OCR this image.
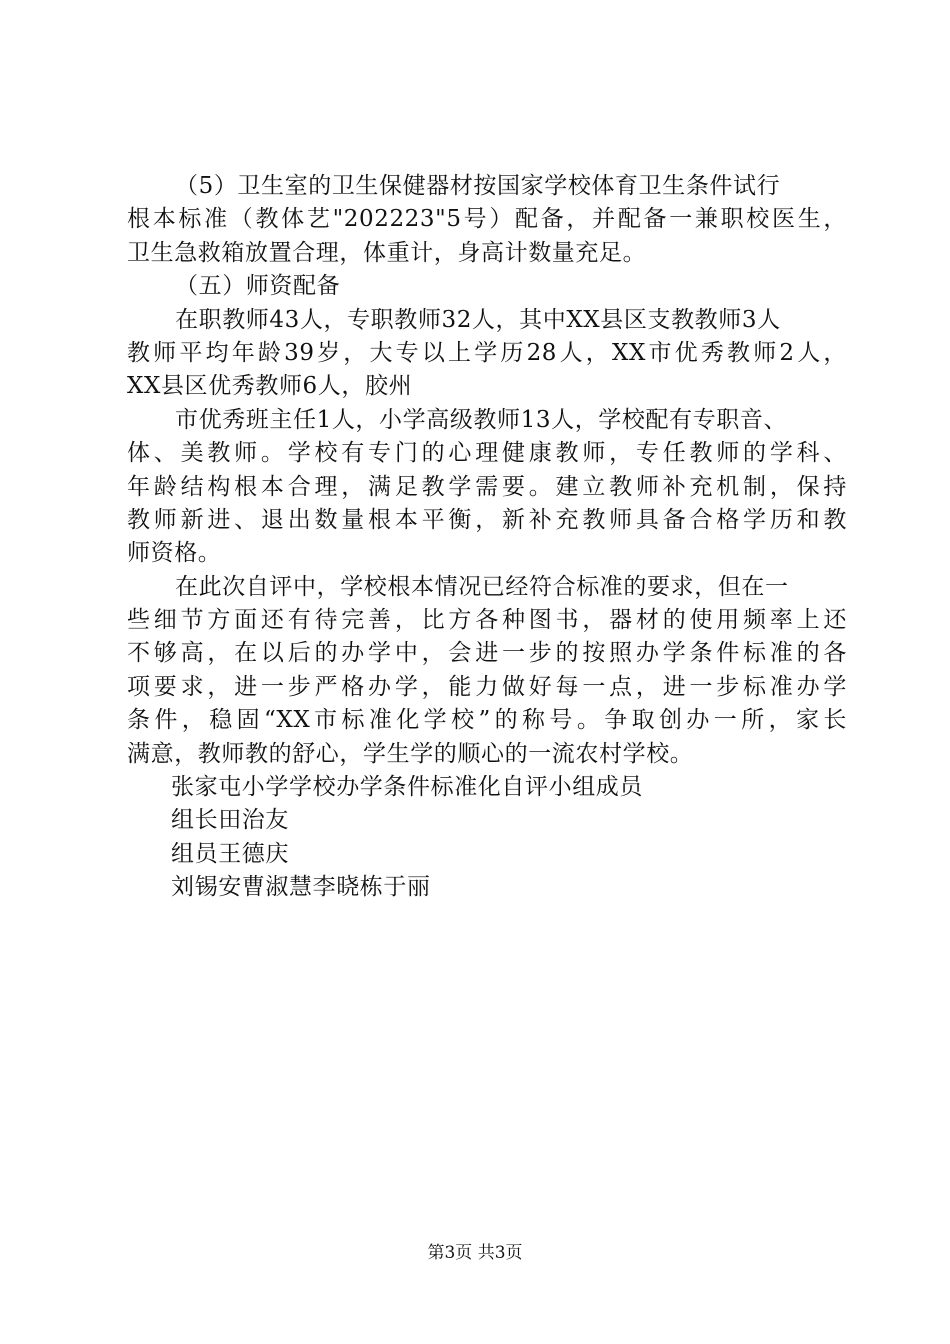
（5）卫生室的卫生保健器材按国家学校体育卫生条件试行
根本标准（教体艺"202223"5号）配备，并配备一兼职校医生，
卫生急救箱放置合理，体重计，身高计数量充足。
（五）师资配备
在职教师43人，专职教师32人，其中XX县区支教教师3人
教师平均年龄39岁，大专以上学历28人，XX市优秀教师2人，
XX县区优秀教师6人，胶州
市优秀班主任1人，小学高级教师13人，学校配有专职音、
体、美教师。学校有专门的心理健康教师，专任教师的学科、
年龄结构根本合理，满足教学需要。建立教师补充机制，保持
教师新进、退出数量根本平衡，新补充教师具备合格学历和教
师资格。
在此次自评中，学校根本情况已经符合标准的要求，但在一
些细节方面还有待完善，比方各种图书，器材的使用频率上还
不够高，在以后的办学中，会进一步的按照办学条件标准的各
项要求，进一步严格办学，能力做好每一点，进一步标准办学
条件，稳固“XX市标准化学校”的称号。争取创办一所，家长
满意，教师教的舒心，学生学的顺心的一流农村学校。
张家屯小学学校办学条件标准化自评小组成员
组长田治友
组员王德庆
刘锡安曹淑慧李晓栋于丽
第3页 共3页
